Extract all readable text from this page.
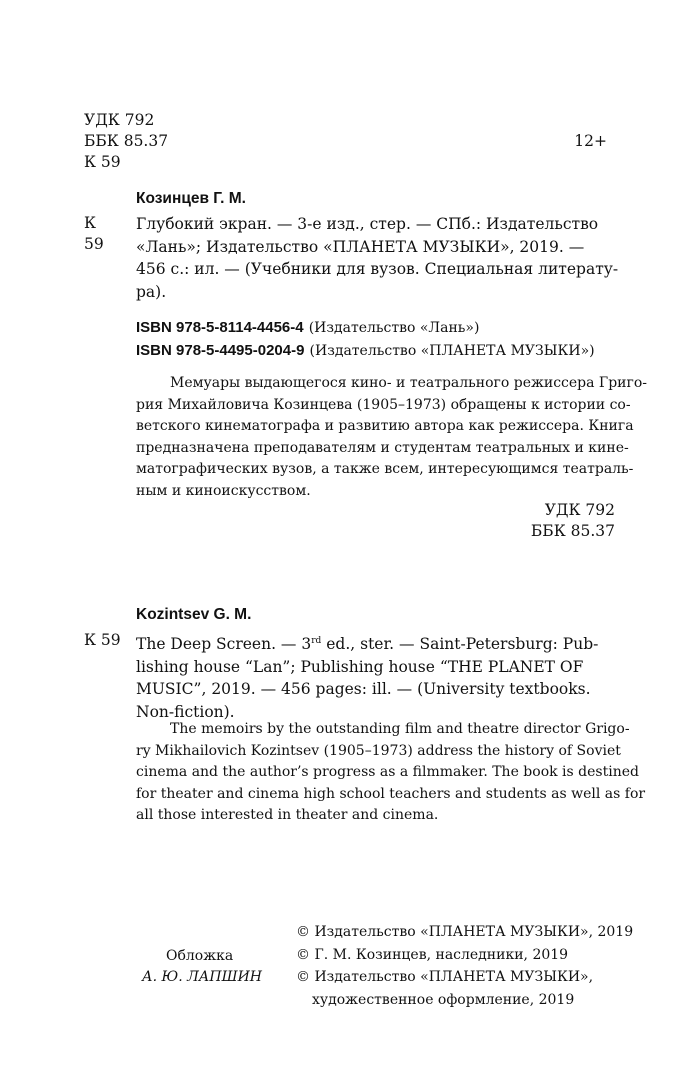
УДК 792
ББК 85.37
К 59
12+
Козинцев Г. М.
К 59
Глубокий экран. — 3-е изд., стер. — СПб.: Издательство
«Лань»; Издательство «ПЛАНЕТА МУЗЫКИ», 2019. —
456 с.: ил. — (Учебники для вузов. Специальная литерату-
ра).
ISBN 978-5-8114-4456-4 (Издательство «Лань»)
ISBN 978-5-4495-0204-9 (Издательство «ПЛАНЕТА МУЗЫКИ»)
Мемуары выдающегося кино- и театрального режиссера Григо-
рия Михайловича Козинцева (1905–1973) обращены к истории со-
ветского кинематографа и развитию автора как режиссера. Книга
предназначена преподавателям и студентам театральных и кине-
матографических вузов, а также всем, интересующимся театраль-
ным и киноискусством.
УДК 792
ББК 85.37
Kozintsev G. M.
К 59 The Deep Screen. — 3rd ed., ster. — Saint-Petersburg: Pub-
lishing house “Lan”; Publishing house “THE PLANET OF
MUSIC”, 2019. — 456 pages: ill. — (University textbooks.
Non-fiction).
The memoirs by the outstanding film and theatre director Grigo-
ry Mikhailovich Kozintsev (1905–1973) address the history of Soviet
cinema and the author’s progress as a filmmaker. The book is destined
for theater and cinema high school teachers and students as well as for
all those interested in theater and cinema.
Обложка
А. Ю. ЛАПШИН
© Издательство «ПЛАНЕТА МУЗЫКИ», 2019
© Г. М. Козинцев, наследники, 2019
© Издательство «ПЛАНЕТА МУЗЫКИ»,
художественное оформление, 2019
